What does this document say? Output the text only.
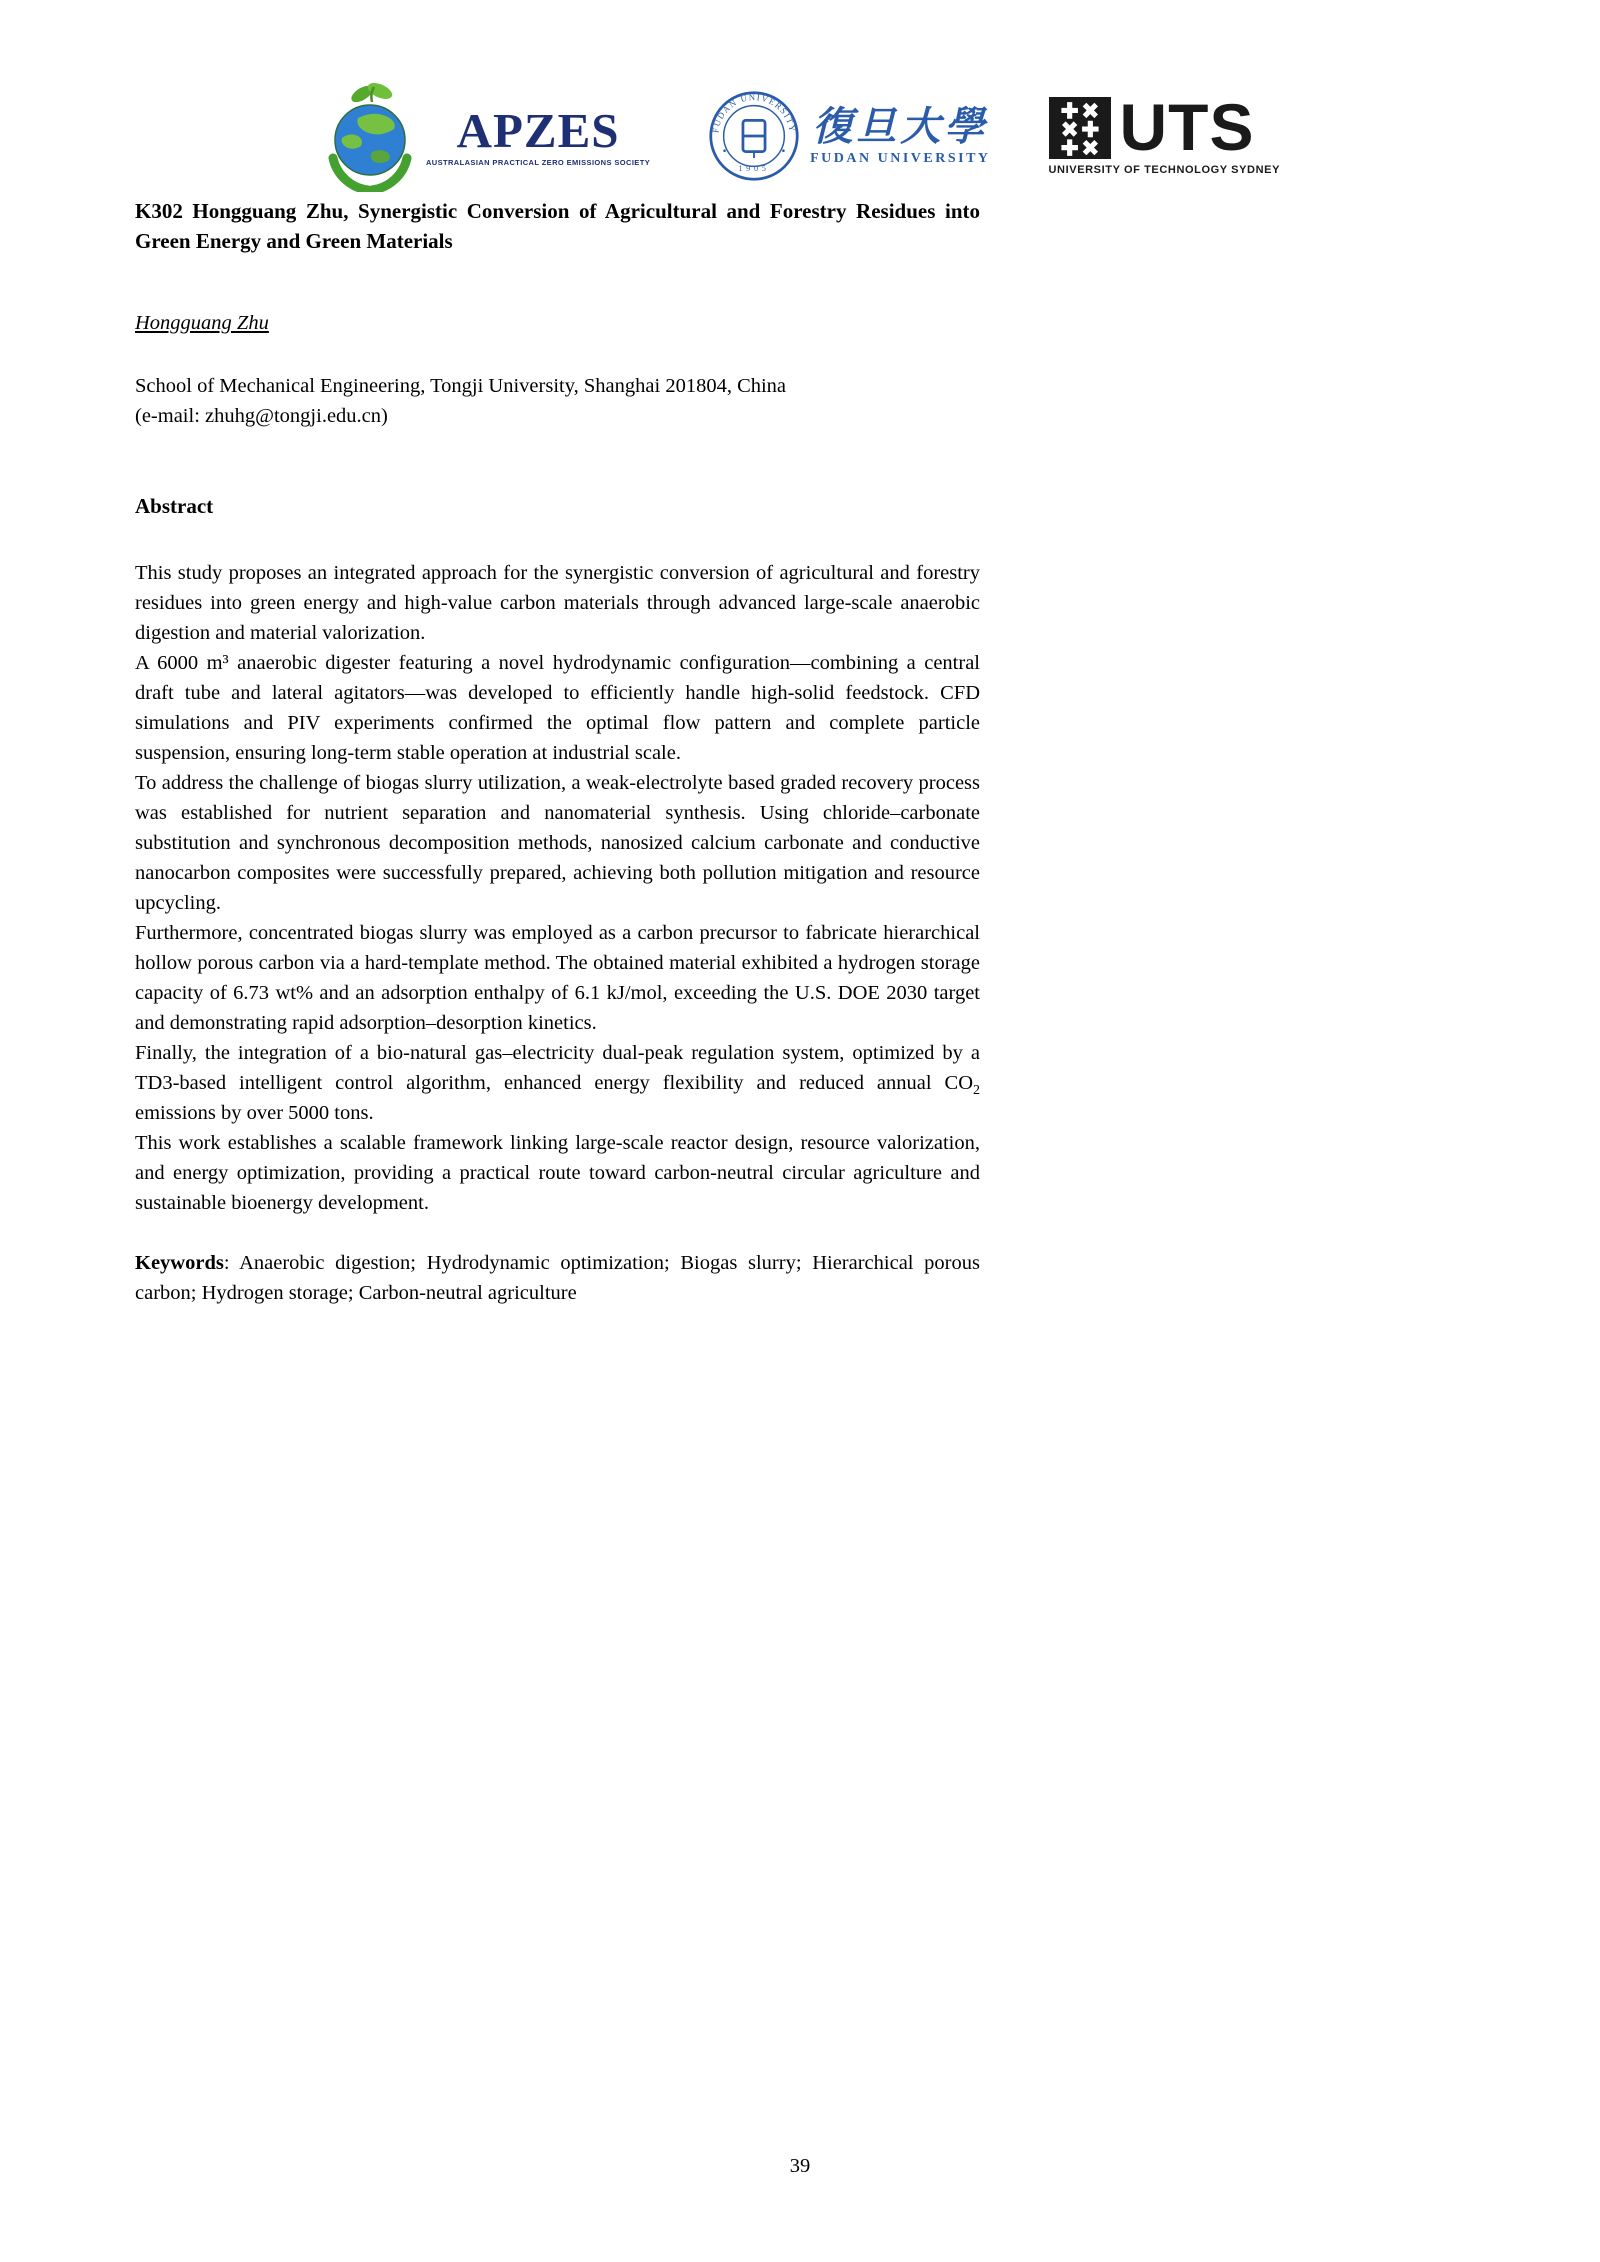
APZES
AUSTRALASIAN PRACTICAL ZERO EMISSIONS SOCIETY
FUDAN UNIVERSITY
1905
復旦大學
FUDAN UNIVERSITY UTS
UNIVERSITY OF TECHNOLOGY SYDNEY
K302 Hongguang Zhu, Synergistic Conversion of Agricultural and Forestry Residues into Green Energy and Green Materials

Hongguang Zhu

School of Mechanical Engineering, Tongji University, Shanghai 201804, China

(e-mail: zhuhg@tongji.edu.cn)

Abstract

This study proposes an integrated approach for the synergistic conversion of agricultural and forestry residues into green energy and high-value carbon materials through advanced large-scale anaerobic digestion and material valorization.

A 6000 m³ anaerobic digester featuring a novel hydrodynamic configuration—combining a central draft tube and lateral agitators—was developed to efficiently handle high-solid feedstock. CFD simulations and PIV experiments confirmed the optimal flow pattern and complete particle suspension, ensuring long-term stable operation at industrial scale.

To address the challenge of biogas slurry utilization, a weak-electrolyte based graded recovery process was established for nutrient separation and nanomaterial synthesis. Using chloride–carbonate substitution and synchronous decomposition methods, nanosized calcium carbonate and conductive nanocarbon composites were successfully prepared, achieving both pollution mitigation and resource upcycling.

Furthermore, concentrated biogas slurry was employed as a carbon precursor to fabricate hierarchical hollow porous carbon via a hard-template method. The obtained material exhibited a hydrogen storage capacity of 6.73 wt% and an adsorption enthalpy of 6.1 kJ/mol, exceeding the U.S. DOE 2030 target and demonstrating rapid adsorption–desorption kinetics.

Finally, the integration of a bio-natural gas–electricity dual-peak regulation system, optimized by a TD3-based intelligent control algorithm, enhanced energy flexibility and reduced annual $CO_2$ emissions by over 5000 tons.

This work establishes a scalable framework linking large-scale reactor design, resource valorization, and energy optimization, providing a practical route toward carbon-neutral circular agriculture and sustainable bioenergy development.

Keywords: Anaerobic digestion; Hydrodynamic optimization; Biogas slurry; Hierarchical porous carbon; Hydrogen storage; Carbon-neutral agriculture

39
